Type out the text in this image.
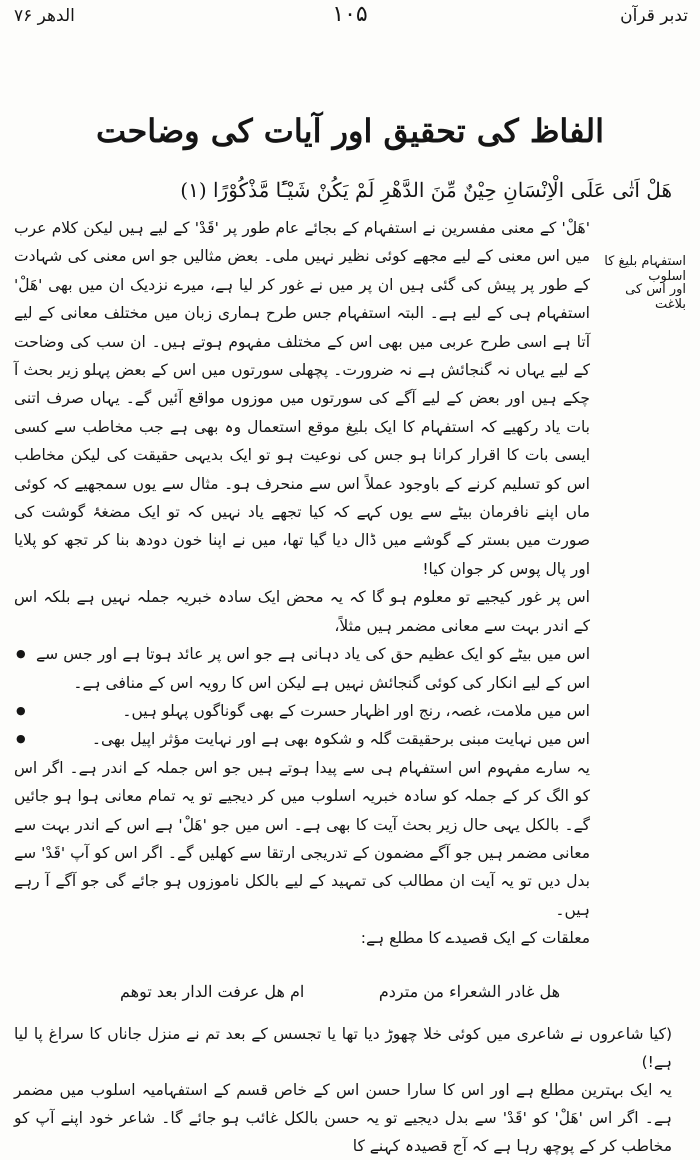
تدبر قرآن
۱۰۵
الدھر ۷۶
الفاظ کی تحقیق اور آیات کی وضاحت
هَلْ اَتٰى عَلَى الْاِنْسَانِ حِيْنٌ مِّنَ الدَّهْرِ لَمْ يَكُنْ شَيْـًٔا مَّذْكُوْرًا (١)
استفہام بلیغ کا اسلوب
اور اس کی بلاغت

'ھَلْ' کے معنی مفسرین نے استفہام کے بجائے عام طور پر 'قَدْ' کے لیے ہیں لیکن کلام عرب میں اس معنی کے لیے مجھے کوئی نظیر نہیں ملی۔ بعض مثالیں جو اس معنی کی شہادت کے طور پر پیش کی گئی ہیں ان پر میں نے غور کر لیا ہے، میرے نزدیک ان میں بھی 'ھَلْ' استفہام ہی کے لیے ہے۔ البتہ استفہام جس طرح ہماری زبان میں مختلف معانی کے لیے آتا ہے اسی طرح عربی میں بھی اس کے مختلف مفہوم ہوتے ہیں۔ ان سب کی وضاحت کے لیے یہاں نہ گنجائش ہے نہ ضرورت۔ پچھلی سورتوں میں اس کے بعض پہلو زیر بحث آ چکے ہیں اور بعض کے لیے آگے کی سورتوں میں موزوں مواقع آئیں گے۔ یہاں صرف اتنی بات یاد رکھیے کہ استفہام کا ایک بلیغ موقع استعمال وہ بھی ہے جب مخاطب سے کسی ایسی بات کا اقرار کرانا ہو جس کی نوعیت ہو تو ایک بدیہی حقیقت کی لیکن مخاطب اس کو تسلیم کرنے کے باوجود عملاً اس سے منحرف ہو۔ مثال سے یوں سمجھیے کہ کوئی ماں اپنے نافرمان بیٹے سے یوں کہے کہ کیا تجھے یاد نہیں کہ تو ایک مضغۂ گوشت کی صورت میں بستر کے گوشے میں ڈال دیا گیا تھا، میں نے اپنا خون دودھ بنا کر تجھ کو پلایا اور پال پوس کر جوان کیا!

اس پر غور کیجیے تو معلوم ہو گا کہ یہ محض ایک سادہ خبریہ جملہ نہیں ہے بلکہ اس کے اندر بہت سے معانی مضمر ہیں مثلاً،

● اس میں بیٹے کو ایک عظیم حق کی یاد دہانی ہے جو اس پر عائد ہوتا ہے اور جس سے اس کے لیے انکار کی کوئی گنجائش نہیں ہے لیکن اس کا رویہ اس کے منافی ہے۔
● اس میں ملامت، غصہ، رنج اور اظہار حسرت کے بھی گوناگوں پہلو ہیں۔
● اس میں نہایت مبنی برحقیقت گلہ و شکوہ بھی ہے اور نہایت مؤثر اپیل بھی۔

یہ سارے مفہوم اس استفہام ہی سے پیدا ہوتے ہیں جو اس جملہ کے اندر ہے۔ اگر اس کو الگ کر کے جملہ کو سادہ خبریہ اسلوب میں کر دیجیے تو یہ تمام معانی ہوا ہو جائیں گے۔ بالکل یہی حال زیر بحث آیت کا بھی ہے۔ اس میں جو 'ھَلْ' ہے اس کے اندر بہت سے معانی مضمر ہیں جو آگے مضمون کے تدریجی ارتقا سے کھلیں گے۔ اگر اس کو آپ 'قَدْ' سے بدل دیں تو یہ آیت ان مطالب کی تمہید کے لیے بالکل ناموزوں ہو جائے گی جو آگے آ رہے ہیں۔

معلقات کے ایک قصیدے کا مطلع ہے:

هل غادر الشعراء من متردم
ام هل عرفت الدار بعد توهم

(کیا شاعروں نے شاعری میں کوئی خلا چھوڑ دیا تھا یا تجسس کے بعد تم نے منزل جاناں کا سراغ پا لیا ہے!)

یہ ایک بہترین مطلع ہے اور اس کا سارا حسن اس کے خاص قسم کے استفہامیہ اسلوب میں مضمر ہے۔ اگر اس 'ھَلْ' کو 'قَدْ' سے بدل دیجیے تو یہ حسن بالکل غائب ہو جائے گا۔ شاعر خود اپنے آپ کو مخاطب کر کے پوچھ رہا ہے کہ آج قصیدہ کہنے کا
